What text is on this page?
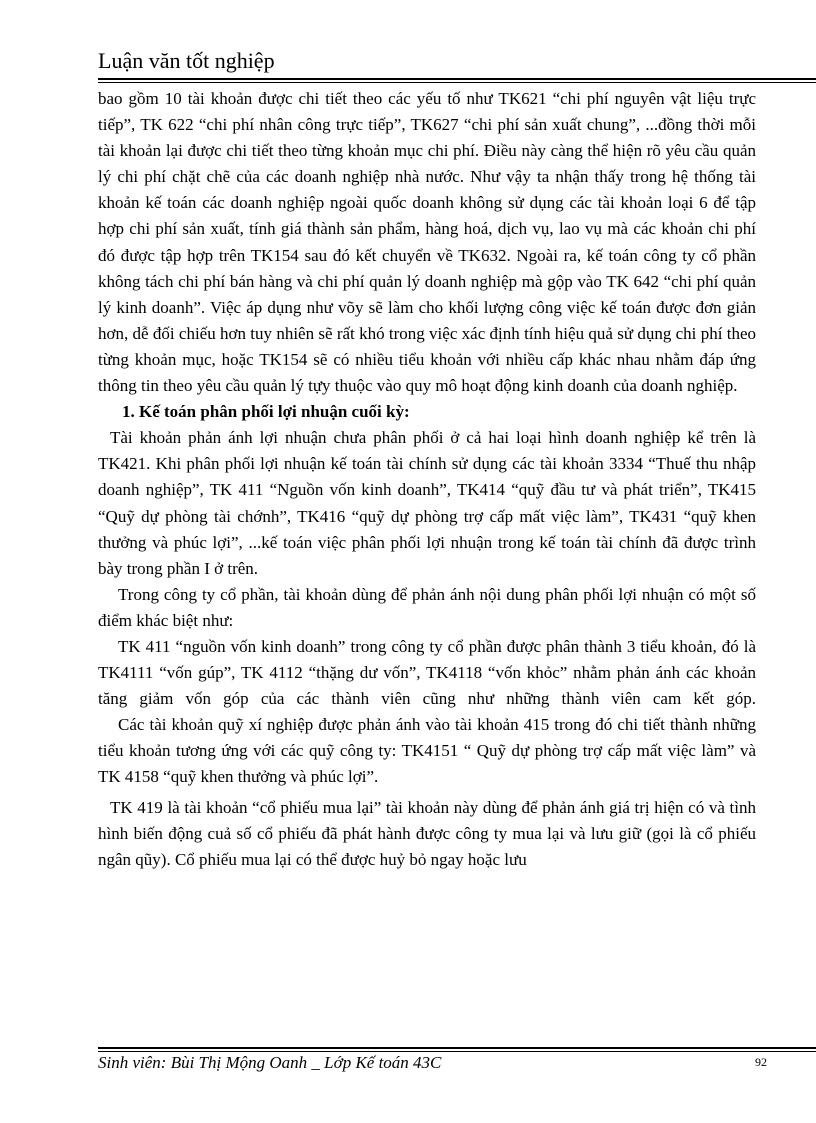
Luận văn tốt nghiệp

bao gồm 10 tài khoản được chi tiết theo các yếu tố như TK621 “chi phí nguyên vật liệu trực tiếp”, TK 622 “chi phí nhân công trực tiếp”, TK627 “chi phí sản xuất chung”, ...đồng thời mỗi tài khoản lại được chi tiết theo từng khoản mục chi phí. Điều này càng thể hiện rõ yêu cầu quản lý chi phí chặt chẽ của các doanh nghiệp nhà nước. Như vậy ta nhận thấy trong hệ thống tài khoản kế toán các doanh nghiệp ngoài quốc doanh không sử dụng các tài khoản loại 6 để tập hợp chi phí sản xuất, tính giá thành sản phẩm, hàng hoá, dịch vụ, lao vụ mà các khoản chi phí đó được tập hợp trên TK154 sau đó kết chuyển về TK632. Ngoài ra, kế toán công ty cổ phần không tách chi phí bán hàng và chi phí quản lý doanh nghiệp mà gộp vào TK 642 “chi phí quản lý kinh doanh”. Việc áp dụng như võy sẽ làm cho khối lượng công việc kế toán được đơn giản hơn, dễ đối chiếu hơn tuy nhiên sẽ rất khó trong việc xác định tính hiệu quả sử dụng chi phí theo từng khoản mục, hoặc TK154 sẽ có nhiều tiểu khoản với nhiều cấp khác nhau nhằm đáp ứng thông tin theo yêu cầu quản lý tựy thuộc vào quy mô hoạt động kinh doanh của doanh nghiệp.

1. Kế toán phân phối lợi nhuận cuối kỳ:

Tài khoản phản ánh lợi nhuận chưa phân phối ở cả hai loại hình doanh nghiệp kể trên là TK421. Khi phân phối lợi nhuận kế toán tài chính sử dụng các tài khoản 3334 “Thuế thu nhập doanh nghiệp”, TK 411 “Nguồn vốn kinh doanh”, TK414 “quỹ đầu tư và phát triển”, TK415 “Quỹ dự phòng tài chớnh”, TK416 “quỹ dự phòng trợ cấp mất việc làm”, TK431 “quỹ khen thưởng và phúc lợi”, ...kế toán việc phân phối lợi nhuận trong kế toán tài chính đã được trình bày trong phần I ở trên.

Trong công ty cổ phần, tài khoản dùng để phản ánh nội dung phân phối lợi nhuận có một số điểm khác biệt như:

TK 411 “nguồn vốn kinh doanh” trong công ty cổ phần được phân thành 3 tiểu khoản, đó là TK4111 “vốn gúp”, TK 4112 “thặng dư vốn”, TK4118 “vốn khỏc” nhằm phản ánh các khoản tăng giảm vốn góp của các thành viên cũng như những thành viên cam kết góp.

Các tài khoản quỹ xí nghiệp được phản ánh vào tài khoản 415 trong đó chi tiết thành những tiểu khoản tương ứng với các quỹ công ty: TK4151 “ Quỹ dự phòng trợ cấp mất việc làm” và TK 4158 “quỹ khen thưởng và phúc lợi”.

TK 419 là tài khoản “cổ phiếu mua lại” tài khoản này dùng để phản ánh giá trị hiện có và tình hình biến động cuả số cổ phiếu đã phát hành được công ty mua lại và lưu giữ (gọi là cổ phiếu ngân qũy). Cổ phiếu mua lại có thể được huỷ bỏ ngay hoặc lưu

Sinh viên: Bùi Thị Mộng Oanh _ Lớp Kế toán 43C	92
